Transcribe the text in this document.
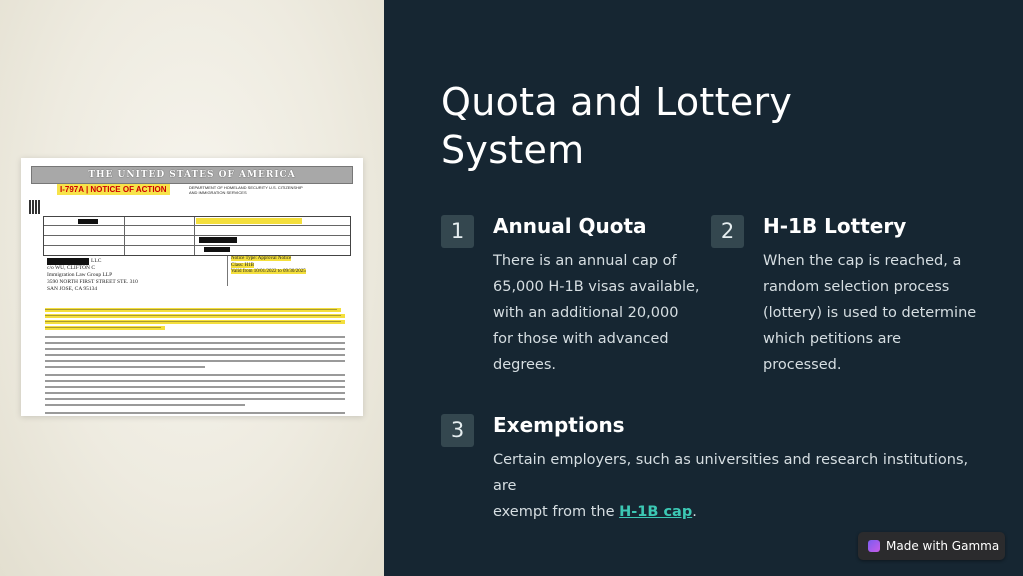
THE UNITED STATES OF AMERICA
I-797A | NOTICE OF ACTION	DEPARTMENT OF HOMELAND SECURITY U.S. CITIZENSHIP AND IMMIGRATION SERVICES
LLC
c/o WU, CLIFTON C
Immigration Law Group LLP
3590 NORTH FIRST STREET STE. 310
SAN JOSE, CA 95134
Notice Type: Approval Notice
Class: H1B
Valid from 10/01/2022 to 09/30/2025
Quota and Lottery
System
1	Annual Quota
There is an annual cap of
65,000 H-1B visas available,
with an additional 20,000
for those with advanced
degrees.
2	H-1B Lottery
When the cap is reached, a
random selection process
(lottery) is used to determine
which petitions are
processed.
3	Exemptions
Certain employers, such as universities and research institutions, are
exempt from the H-1B cap.
Made with Gamma
